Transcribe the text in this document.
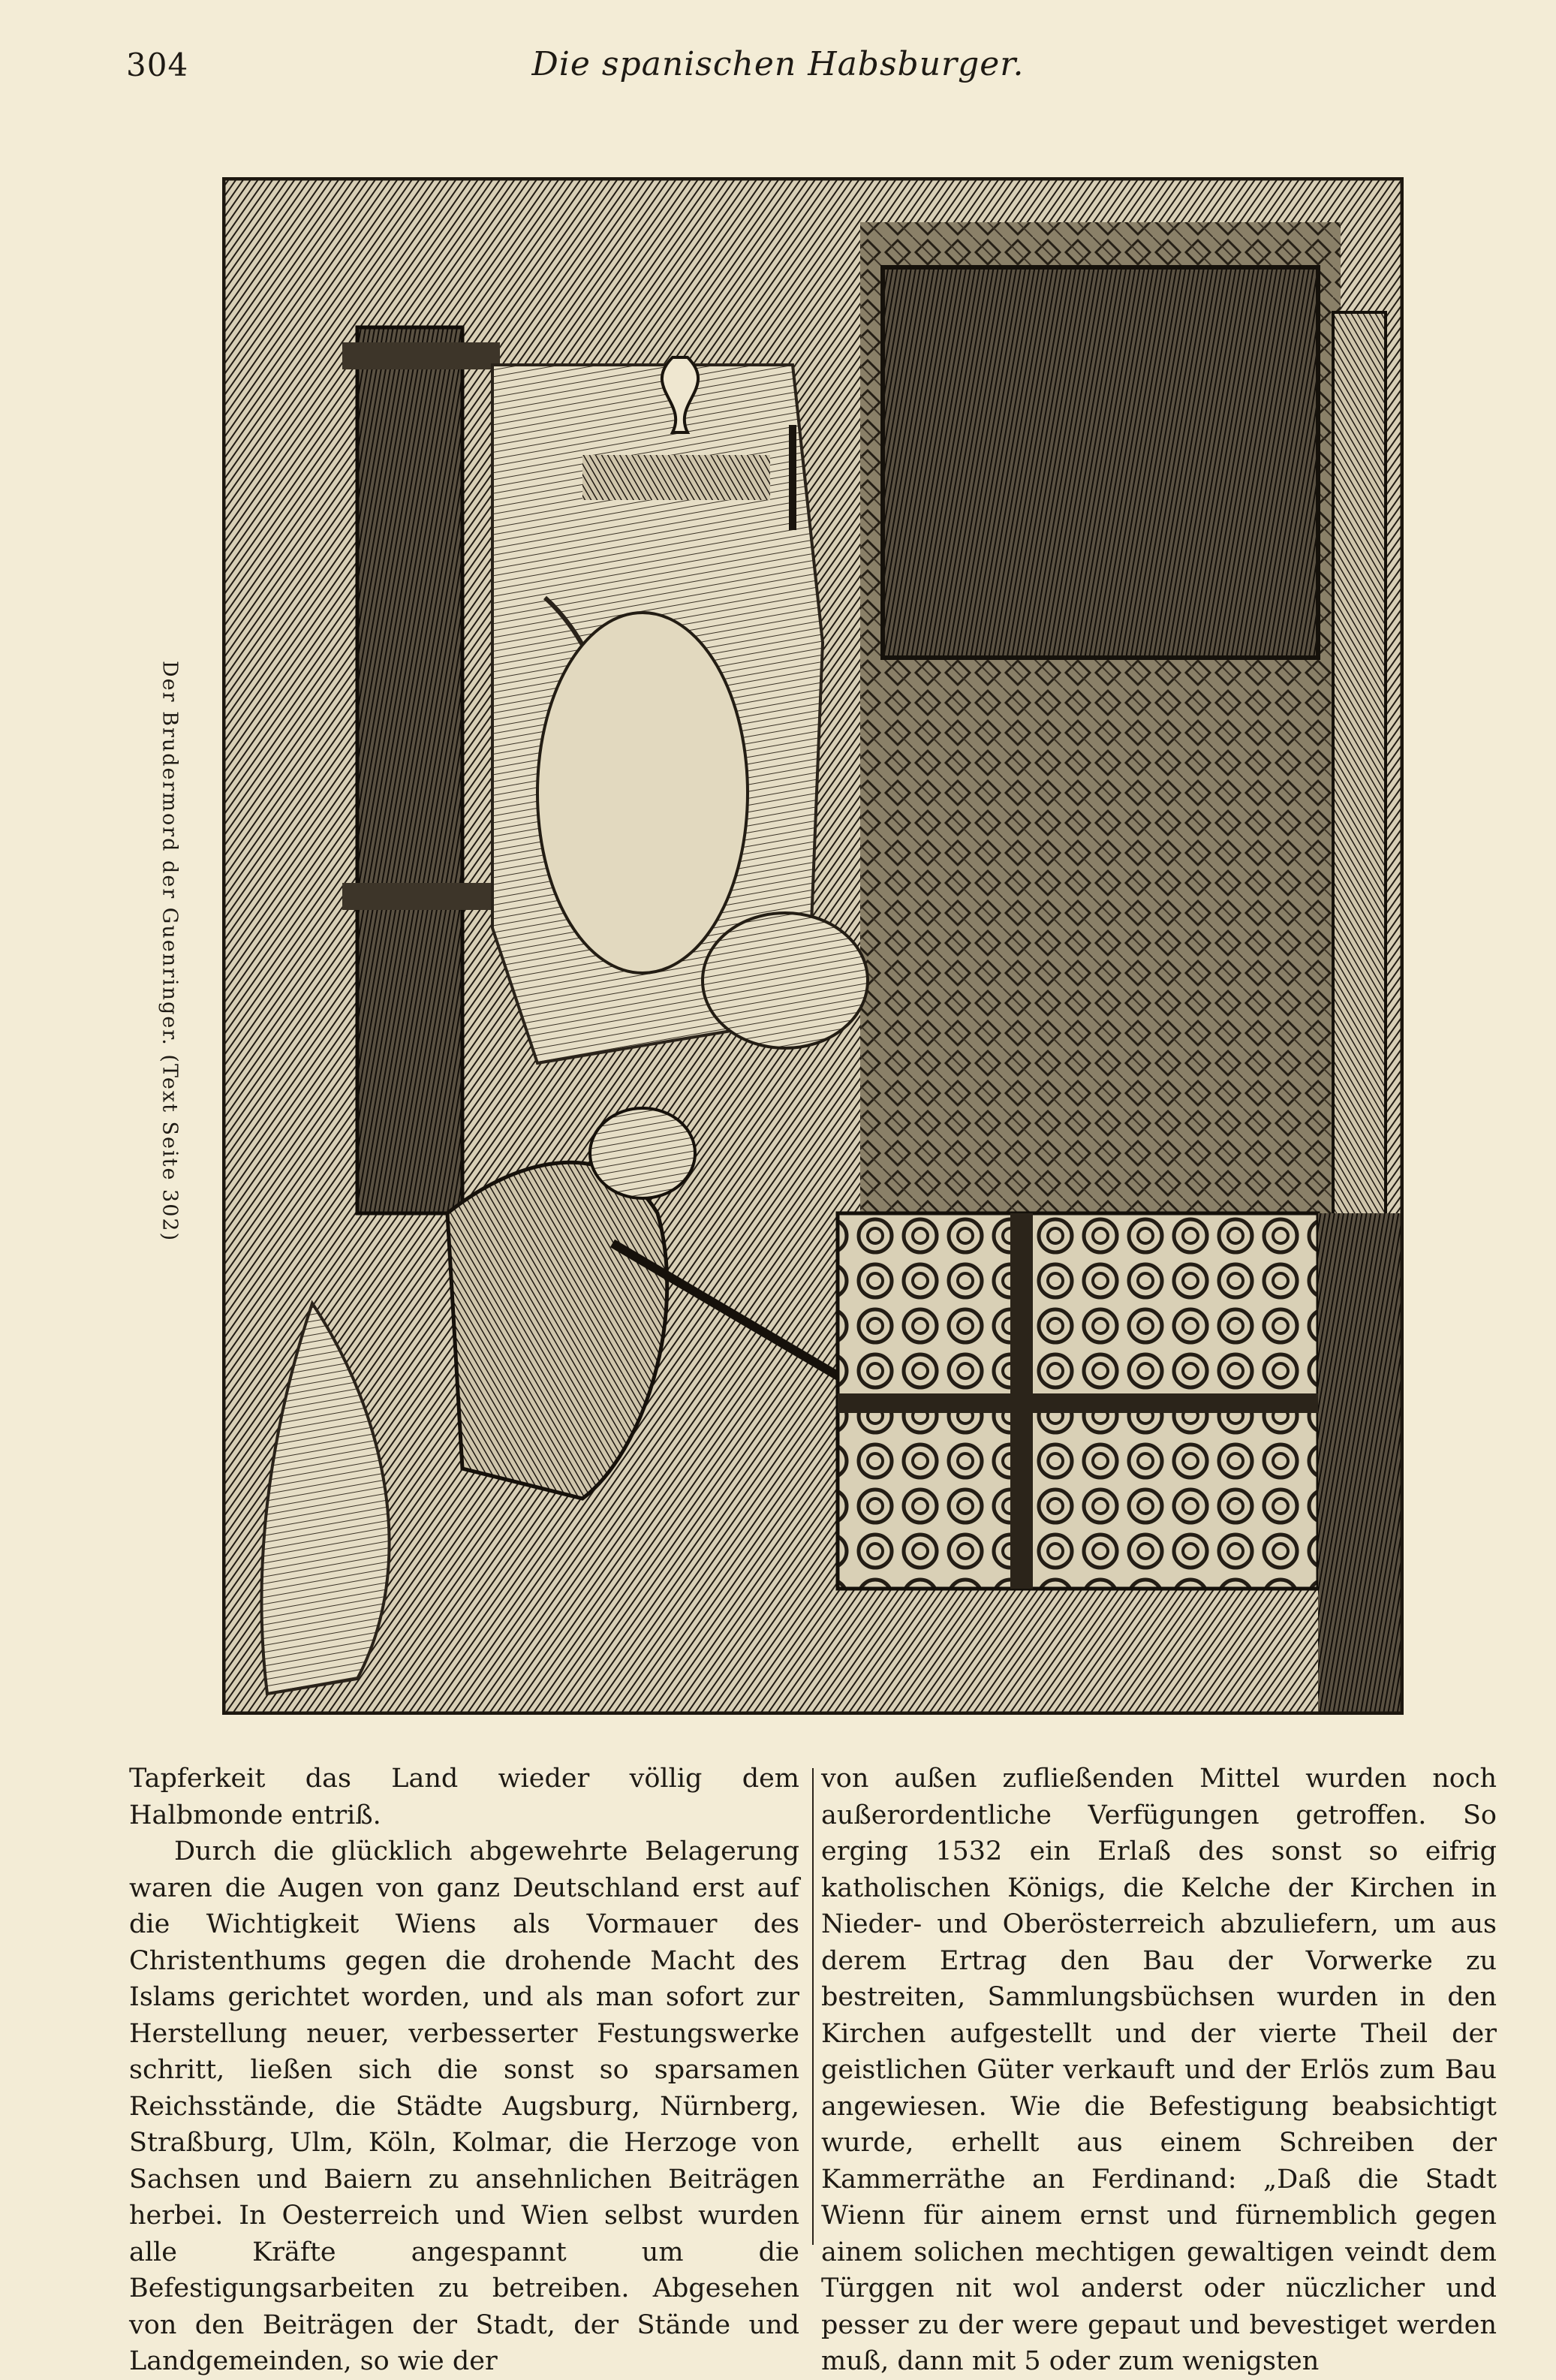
304	Die spanischen Habsburger.
Der Brudermord der Guenringer. (Text Seite 302)

Tapferkeit das Land wieder völlig dem Halbmonde entriß.

Durch die glücklich abgewehrte Belagerung waren die Augen von ganz Deutschland erst auf die Wichtigkeit Wiens als Vormauer des Christenthums gegen die drohende Macht des Islams gerichtet worden, und als man sofort zur Herstellung neuer, verbesserter Festungswerke schritt, ließen sich die sonst so sparsamen Reichsstände, die Städte Augsburg, Nürnberg, Straßburg, Ulm, Köln, Kolmar, die Herzoge von Sachsen und Baiern zu ansehnlichen Beiträgen herbei. In Oesterreich und Wien selbst wurden alle Kräfte angespannt um die Befestigungsarbeiten zu betreiben. Abgesehen von den Beiträgen der Stadt, der Stände und Landgemeinden, so wie der

von außen zufließenden Mittel wurden noch außerordentliche Verfügungen getroffen. So erging 1532 ein Erlaß des sonst so eifrig katholischen Königs, die Kelche der Kirchen in Nieder- und Oberösterreich abzuliefern, um aus derem Ertrag den Bau der Vorwerke zu bestreiten, Sammlungsbüchsen wurden in den Kirchen aufgestellt und der vierte Theil der geistlichen Güter verkauft und der Erlös zum Bau angewiesen. Wie die Befestigung beabsichtigt wurde, erhellt aus einem Schreiben der Kammerräthe an Ferdinand: „Daß die Stadt Wienn für ainem ernst und fürnemblich gegen ainem solichen mechtigen gewaltigen veindt dem Türggen nit wol anderst oder nüczlicher und pesser zu der were gepaut und bevestiget werden muß, dann mit 5 oder zum wenigsten
